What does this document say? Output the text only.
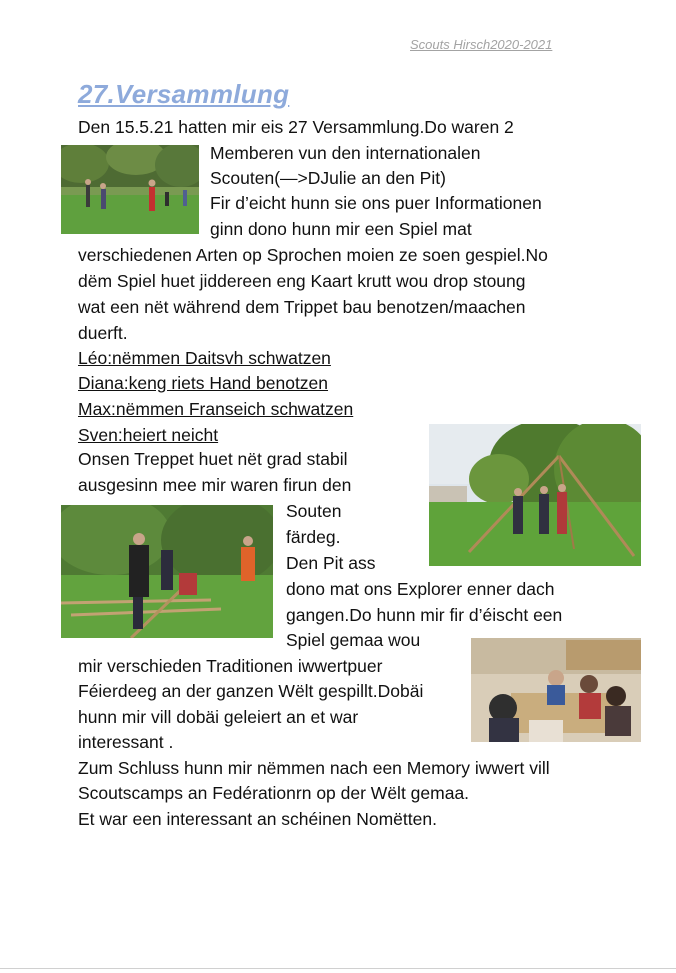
Scouts Hirsch2020-2021
27.Versammlung
Den 15.5.21 hatten mir eis 27 Versammlung.Do waren 2
Memberen vun den internationalen
Scouten(—>DJulie an den Pit)
Fir d’eicht hunn sie ons puer Informationen
ginn dono hunn mir een Spiel mat
verschiedenen Arten op Sprochen moien ze soen gespiel.No
dëm Spiel huet jiddereen eng Kaart krutt wou drop stoung
wat een nët während dem Trippet bau benotzen/maachen
duerft.
Léo:nëmmen Daitsvh schwatzen
Diana:keng riets Hand benotzen
Max:nëmmen Franseich schwatzen
Sven:heiert neicht
Onsen Treppet huet nët grad stabil
ausgesinn mee mir waren firun den
Souten
färdeg.
Den Pit ass
dono mat ons Explorer enner dach
gangen.Do hunn mir fir d’éischt een
Spiel gemaa wou
mir verschieden Traditionen iwwertpuer
Féierdeeg an der ganzen Wëlt gespillt.Dobäi
hunn mir vill dobäi geleiert an et war
interessant .
Zum Schluss hunn mir nëmmen nach een Memory iwwert vill
Scoutscamps an Fedérationrn op der Wëlt gemaa.
Et war een interessant an schéinen Nomëtten.
